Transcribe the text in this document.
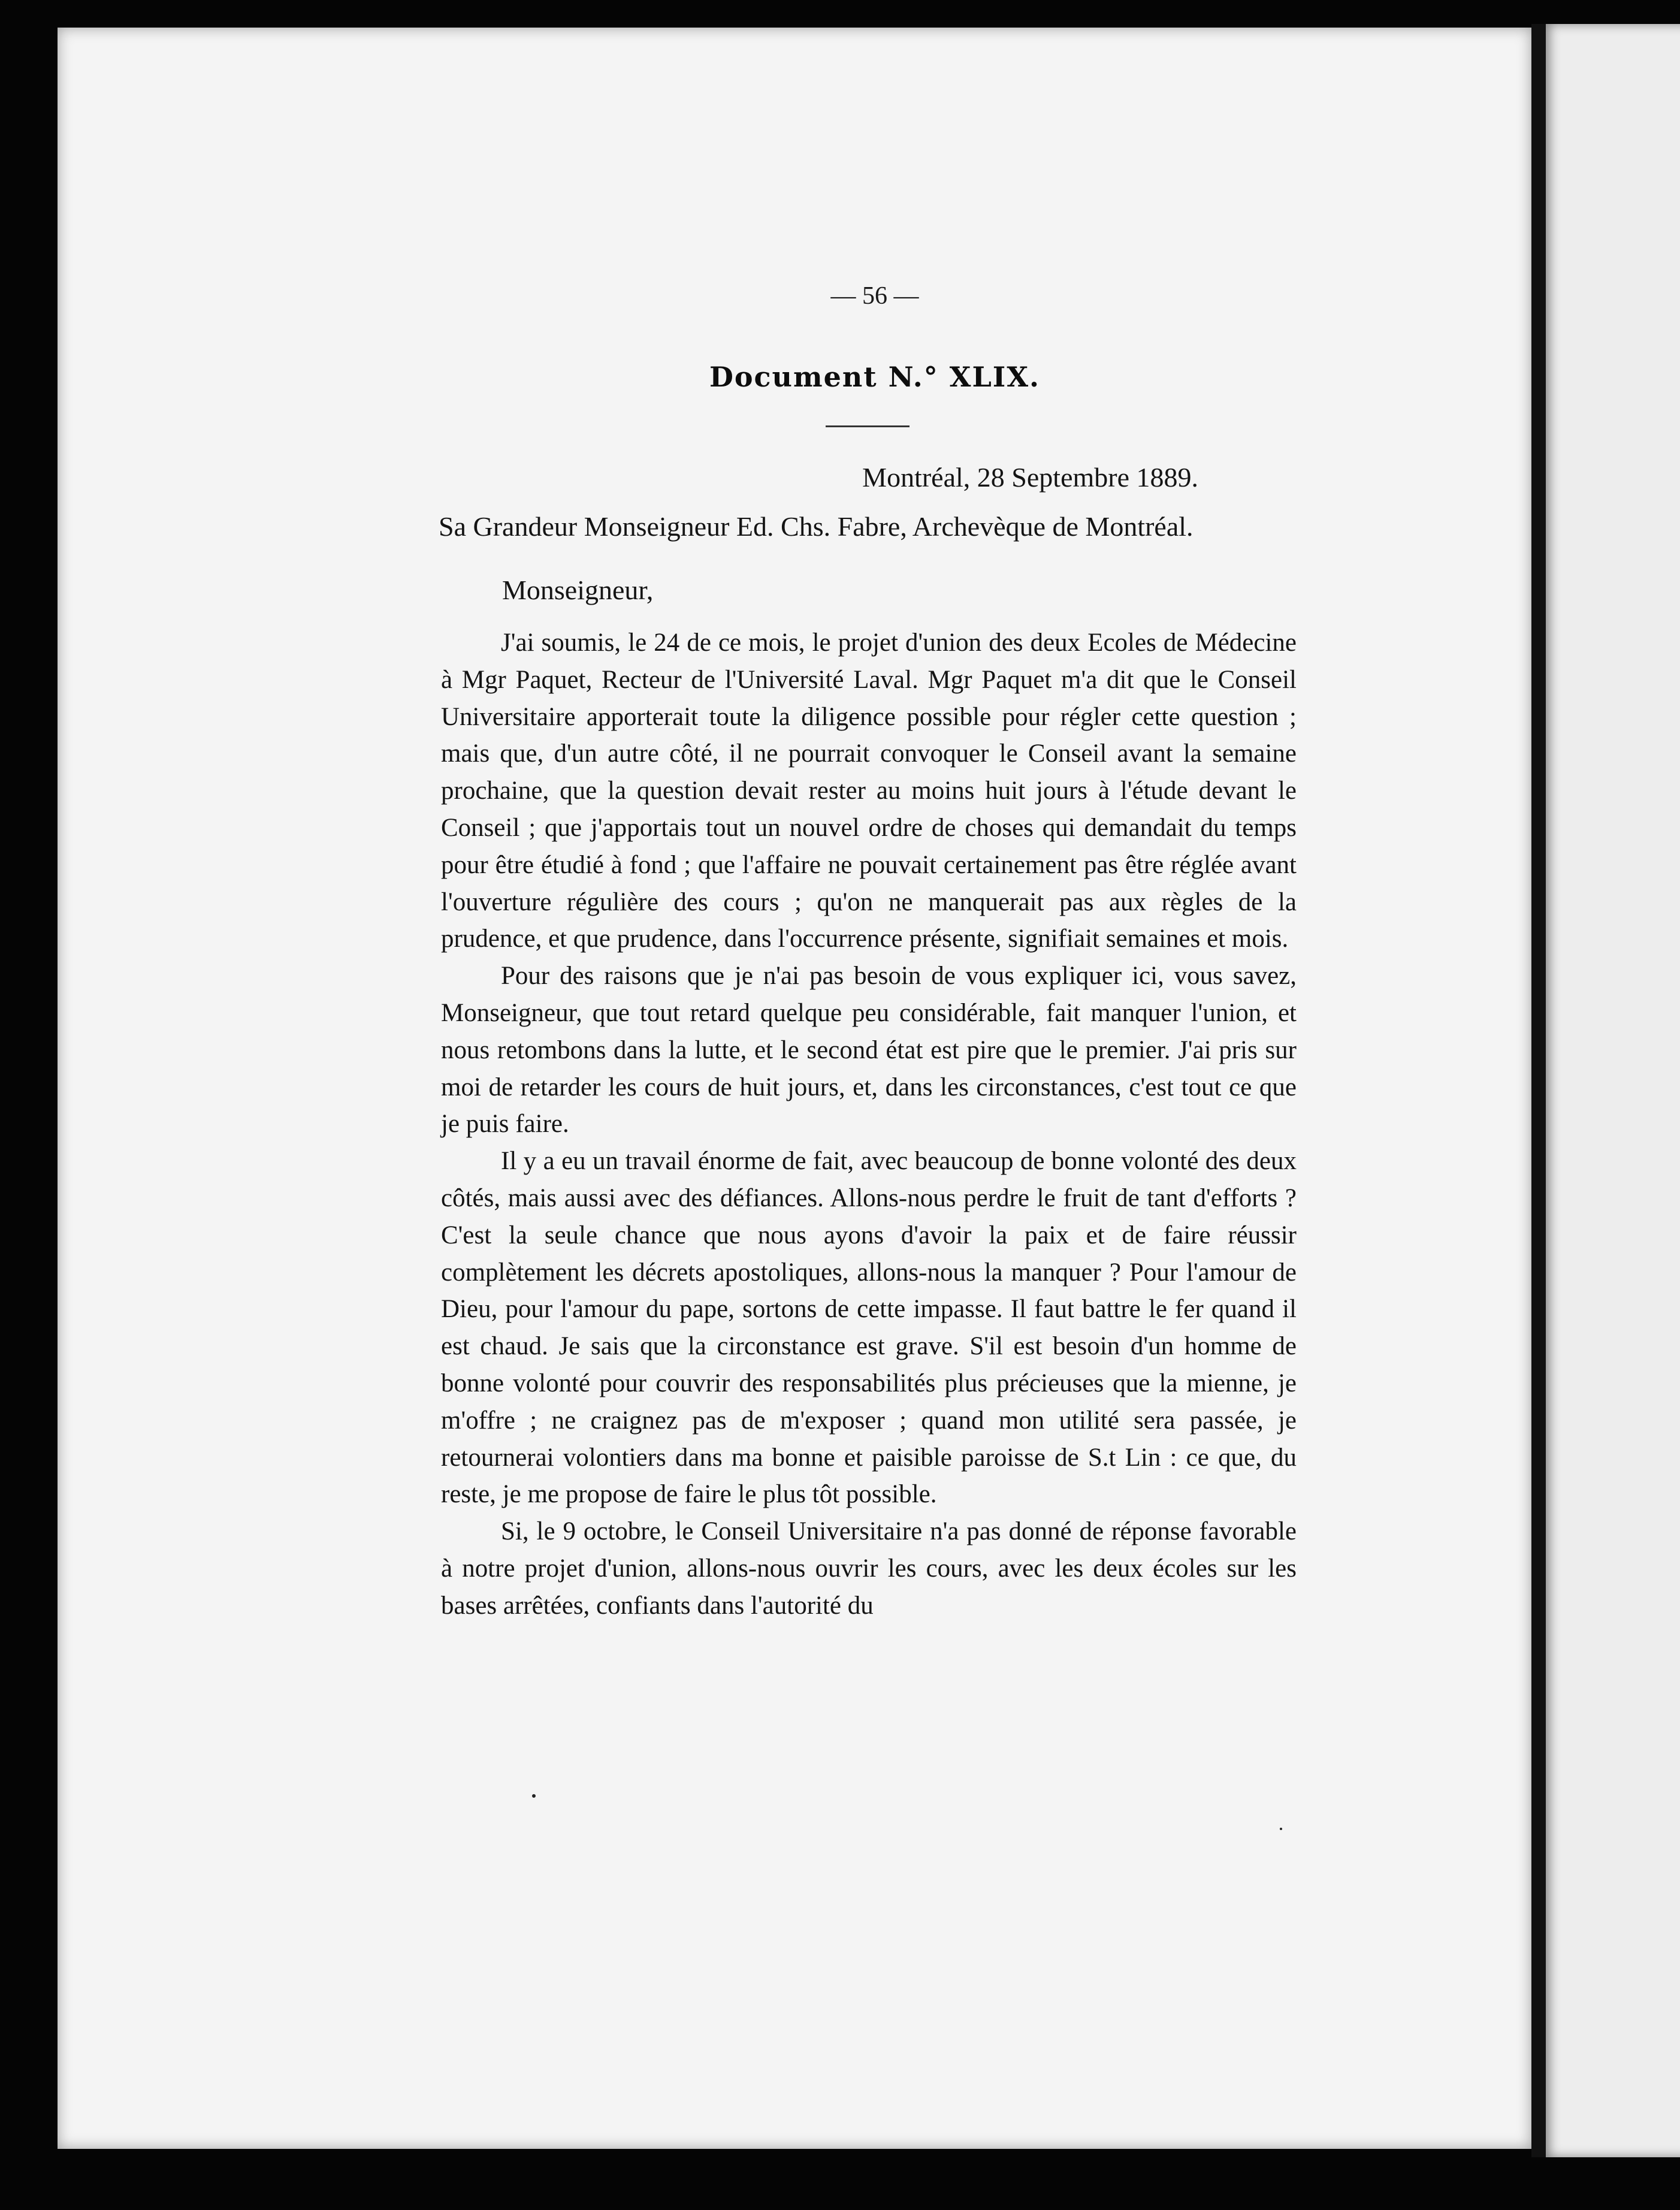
— 56 —
Document N.° XLIX.
Montréal, 28 Septembre 1889.
Sa Grandeur Monseigneur Ed. Chs. Fabre, Archevèque de Montréal.
Monseigneur,

J'ai soumis, le 24 de ce mois, le projet d'union des deux Ecoles de Médecine à Mgr Paquet, Recteur de l'Université Laval. Mgr Paquet m'a dit que le Conseil Universitaire apporterait toute la diligence possible pour régler cette question ; mais que, d'un autre côté, il ne pourrait convoquer le Conseil avant la semaine prochaine, que la question devait rester au moins huit jours à l'étude devant le Conseil ; que j'apportais tout un nouvel ordre de choses qui demandait du temps pour être étudié à fond ; que l'affaire ne pouvait certainement pas être réglée avant l'ouverture régulière des cours ; qu'on ne manquerait pas aux règles de la prudence, et que prudence, dans l'occurrence présente, signifiait semaines et mois.

Pour des raisons que je n'ai pas besoin de vous expliquer ici, vous savez, Monseigneur, que tout retard quelque peu considérable, fait manquer l'union, et nous retombons dans la lutte, et le second état est pire que le premier. J'ai pris sur moi de retarder les cours de huit jours, et, dans les circonstances, c'est tout ce que je puis faire.

Il y a eu un travail énorme de fait, avec beaucoup de bonne volonté des deux côtés, mais aussi avec des défiances. Allons-nous perdre le fruit de tant d'efforts ? C'est la seule chance que nous ayons d'avoir la paix et de faire réussir complètement les décrets apostoliques, allons-nous la manquer ? Pour l'amour de Dieu, pour l'amour du pape, sortons de cette impasse. Il faut battre le fer quand il est chaud. Je sais que la circonstance est grave. S'il est besoin d'un homme de bonne volonté pour couvrir des responsabilités plus précieuses que la mienne, je m'offre ; ne craignez pas de m'exposer ; quand mon utilité sera passée, je retournerai volontiers dans ma bonne et paisible paroisse de S.t Lin : ce que, du reste, je me propose de faire le plus tôt possible.

Si, le 9 octobre, le Conseil Universitaire n'a pas donné de réponse favorable à notre projet d'union, allons-nous ouvrir les cours, avec les deux écoles sur les bases arrêtées, confiants dans l'autorité du
